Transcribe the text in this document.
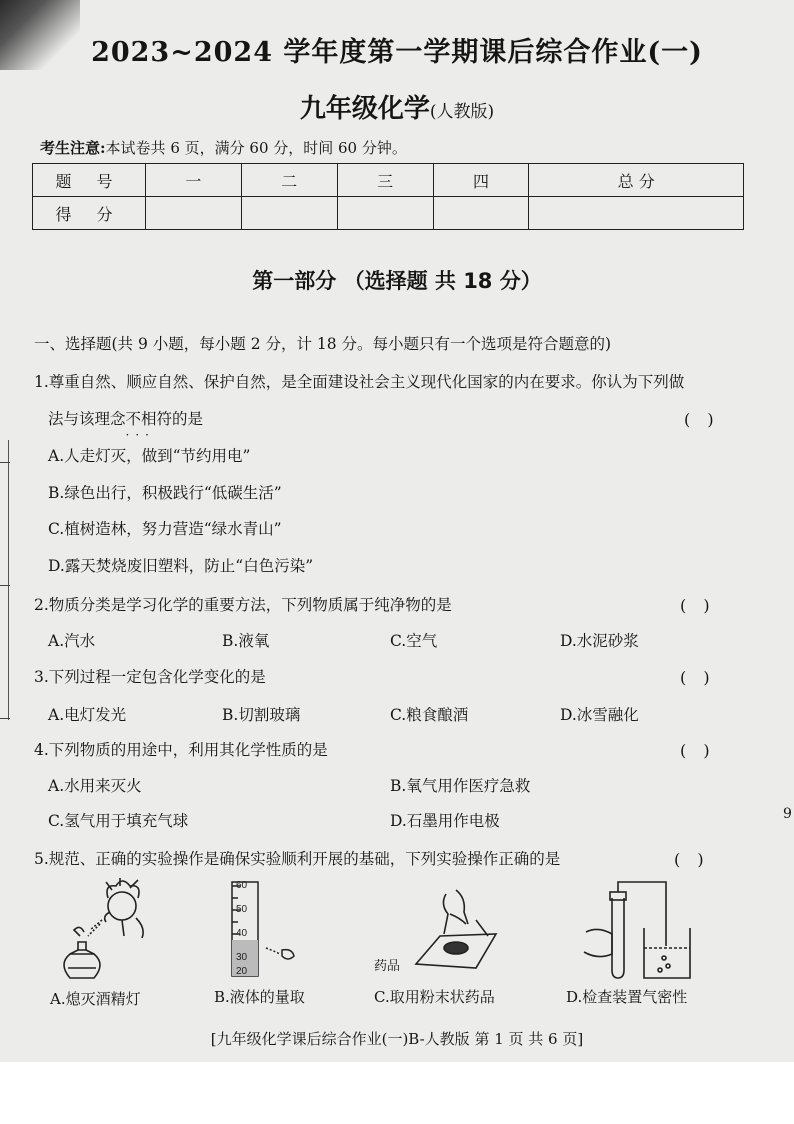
2023~2024 学年度第一学期课后综合作业(一)
九年级化学(人教版)
考生注意:本试卷共 6 页，满分 60 分，时间 60 分钟。
题 号	一	二	三	四	总 分
得 分					
第一部分 （选择题 共 18 分）
一、选择题(共 9 小题，每小题 2 分，计 18 分。每小题只有一个选项是符合题意的)
1.尊重自然、顺应自然、保护自然，是全面建设社会主义现代化国家的内在要求。你认为下列做
法与该理念不相符
···
的是	( )
A.人走灯灭，做到“节约用电”
B.绿色出行，积极践行“低碳生活”
C.植树造林，努力营造“绿水青山”
D.露天焚烧废旧塑料，防止“白色污染”
2.物质分类是学习化学的重要方法，下列物质属于纯净物的是	( )
A.汽水	B.液氧	C.空气	D.水泥砂浆
3.下列过程一定包含化学变化的是	( )
A.电灯发光	B.切割玻璃	C.粮食酿酒	D.冰雪融化
4.下列物质的用途中，利用其化学性质的是	( )
A.水用来灭火	B.氧气用作医疗急救
C.氢气用于填充气球	D.石墨用作电极	9
5.规范、正确的实验操作是确保实验顺利开展的基础，下列实验操作正确的是	( )
A.熄灭酒精灯
60
50
40
30
20
B.液体的量取
药品
C.取用粉末状药品	D.检查装置气密性
[九年级化学课后综合作业(一)B-人教版 第 1 页 共 6 页]
